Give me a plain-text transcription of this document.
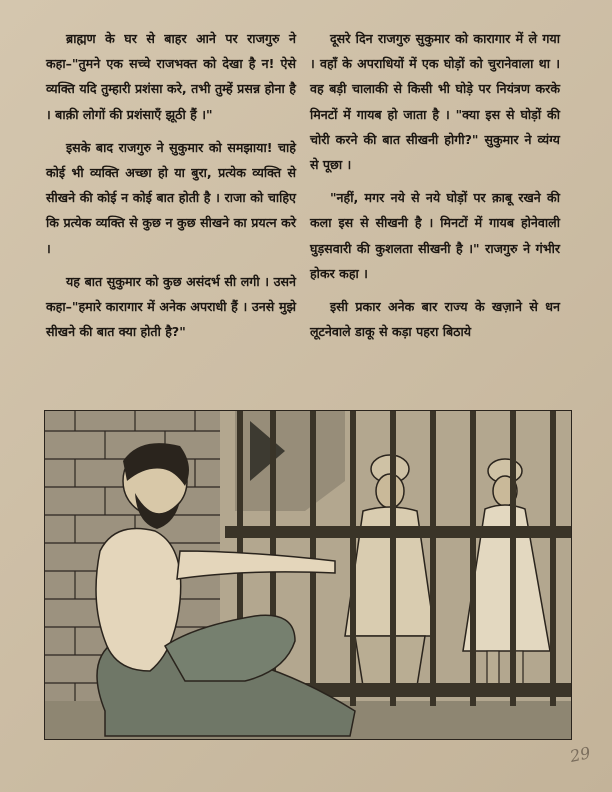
ब्राह्मण के घर से बाहर आने पर राजगुरु ने कहा–"तुमने एक सच्चे राजभक्त को देखा है न! ऐसे व्यक्ति यदि तुम्हारी प्रशंसा करे, तभी तुम्हें प्रसन्न होना है । बाक़ी लोगों की प्रशंसाएँ झूठी हैं ।"

इसके बाद राजगुरु ने सुकुमार को समझाया! चाहे कोई भी व्यक्ति अच्छा हो या बुरा, प्रत्येक व्यक्ति से सीखने की कोई न कोई बात होती है । राजा को चाहिए कि प्रत्येक व्यक्ति से कुछ न कुछ सीखने का प्रयत्न करे ।

यह बात सुकुमार को कुछ असंदर्भ सी लगी । उसने कहा–"हमारे कारागार में अनेक अपराधी हैं । उनसे मुझे सीखने की बात क्या होती है?"

दूसरे दिन राजगुरु सुकुमार को कारागार में ले गया । वहाँ के अपराधियों में एक घोड़ों को चुरानेवाला था । वह बड़ी चालाकी से किसी भी घोड़े पर नियंत्रण करके मिनटों में गायब हो जाता है । "क्या इस से घोड़ों की चोरी करने की बात सीखनी होगी?" सुकुमार ने व्यंग्य से पूछा ।

"नहीं, मगर नये से नये घोड़ों पर क़ाबू रखने की कला इस से सीखनी है । मिनटों में गायब होनेवाली घुड़सवारी की कुशलता सीखनी है ।" राजगुरु ने गंभीर होकर कहा ।

इसी प्रकार अनेक बार राज्य के खज़ाने से धन लूटनेवाले डाकू से कड़ा पहरा बिठाये

29
